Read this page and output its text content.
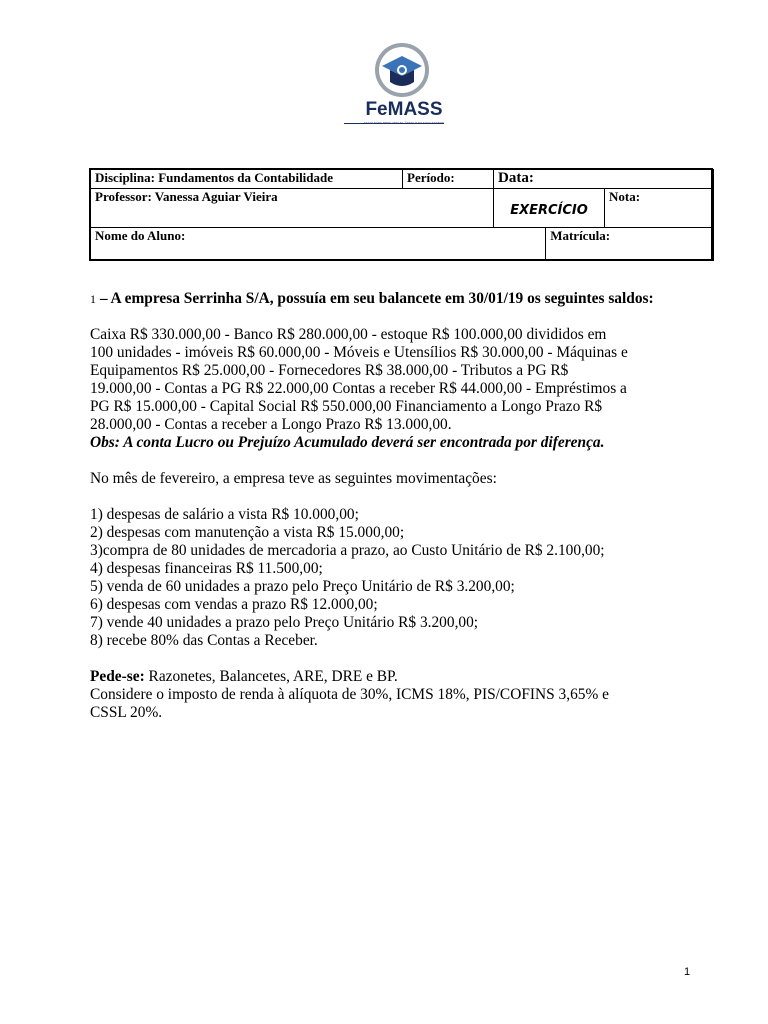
FeMASS
Disciplina: Fundamentos da Contabilidade	Período:	Data:		
Professor: Vanessa Aguiar Vieira		EXERCÍCIO		Nota:
Nome do Aluno:			Matrícula:	

1 – A empresa Serrinha S/A, possuía em seu balancete em 30/01/19 os seguintes saldos:

Caixa R$ 330.000,00 - Banco R$ 280.000,00 - estoque R$ 100.000,00 divididos em

100 unidades - imóveis R$ 60.000,00 - Móveis e Utensílios R$ 30.000,00 - Máquinas e

Equipamentos R$ 25.000,00 - Fornecedores R$ 38.000,00 - Tributos a PG R$

19.000,00 - Contas a PG R$ 22.000,00 Contas a receber R$ 44.000,00 - Empréstimos a

PG R$ 15.000,00 - Capital Social R$ 550.000,00 Financiamento a Longo Prazo R$

28.000,00 - Contas a receber a Longo Prazo R$ 13.000,00.

Obs: A conta Lucro ou Prejuízo Acumulado deverá ser encontrada por diferença.

No mês de fevereiro, a empresa teve as seguintes movimentações:

1) despesas de salário a vista R$ 10.000,00;
2) despesas com manutenção a vista R$ 15.000,00;
3)compra de 80 unidades de mercadoria a prazo, ao Custo Unitário de R$ 2.100,00;
4) despesas financeiras R$ 11.500,00;
5) venda de 60 unidades a prazo pelo Preço Unitário de R$ 3.200,00;
6) despesas com vendas a prazo R$ 12.000,00;
7) vende 40 unidades a prazo pelo Preço Unitário R$ 3.200,00;
8) recebe 80% das Contas a Receber.

Pede-se: Razonetes, Balancetes, ARE, DRE e BP.

Considere o imposto de renda à alíquota de 30%, ICMS 18%, PIS/COFINS 3,65% e

CSSL 20%.

1
